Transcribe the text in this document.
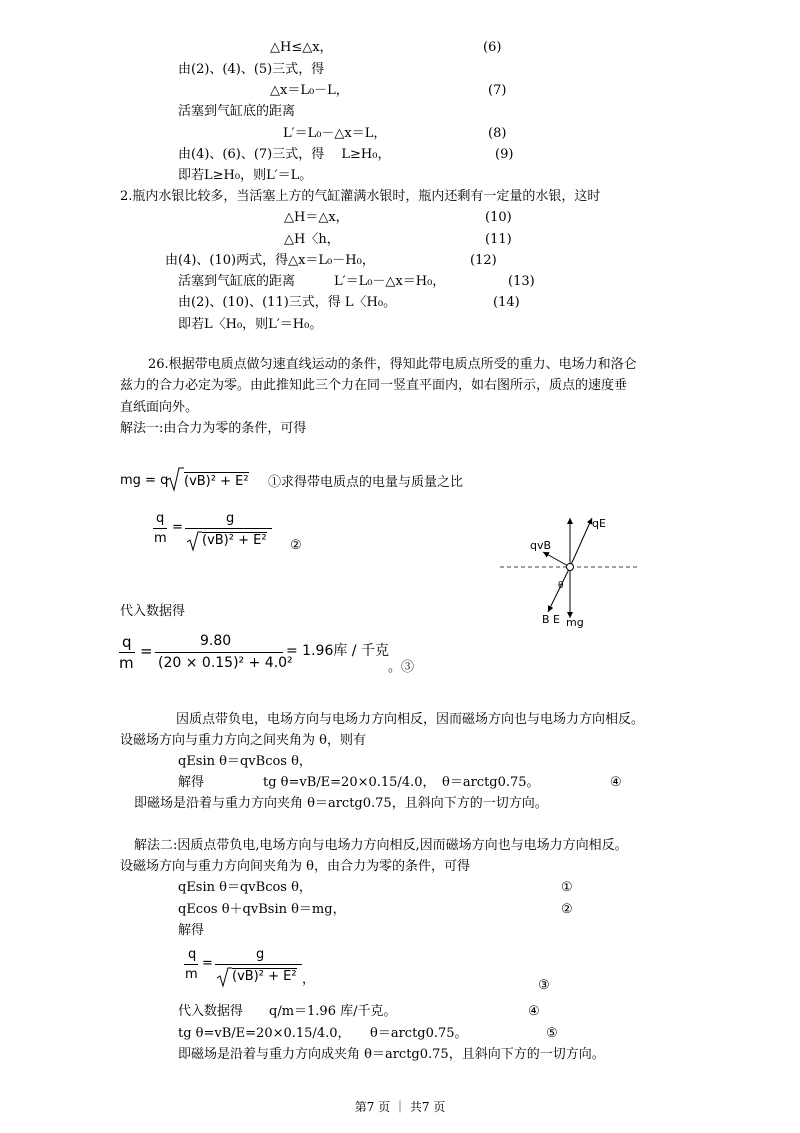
△H≤△x，	(6)
由(2)、(4)、(5)三式，得
△x＝L₀－L，	(7)
活塞到气缸底的距离
L′＝L₀－△x＝L，	(8)
由(4)、(6)、(7)三式，得　 L≥H₀，	(9)
即若L≥H₀，则L′＝L。
2.瓶内水银比较多，当活塞上方的气缸灌满水银时，瓶内还剩有一定量的水银，这时
△H＝△x，	(10)
△H〈h，	(11)
由(4)、(10)两式，得△x＝L₀－H₀，	(12)
活塞到气缸底的距离　　　L′＝L₀－△x＝H₀，	(13)
由(2)、(10)、(11)三式，得 L〈H₀。	(14)
即若L〈H₀，则L′＝H₀。
26.根据带电质点做匀速直线运动的条件，得知此带电质点所受的重力、电场力和洛仑
兹力的合力必定为零。由此推知此三个力在同一竖直平面内，如右图所示，质点的速度垂
直纸面向外。
解法一:由合力为零的条件，可得
mg = q (vB)² + E² ①求得带电质点的电量与质量之比
q
m
=
g
(vB)² + E² ②
qE
qvB
θ
B E mg
代入数据得
q
m
=
9.80
(20 × 0.15)² + 4.0²
= 1.96库 / 千克
。③
因质点带负电，电场方向与电场力方向相反，因而磁场方向也与电场力方向相反。
设磁场方向与重力方向之间夹角为 θ，则有
qEsin θ＝qvBcos θ，
解得	tg θ=vB/E=20×0.15/4.0，　θ＝arctg0.75。	④
即磁场是沿着与重力方向夹角 θ＝arctg0.75，且斜向下方的一切方向。
解法二:因质点带负电,电场方向与电场力方向相反,因而磁场方向也与电场力方向相反。
设磁场方向与重力方向间夹角为 θ，由合力为零的条件，可得
qEsin θ＝qvBcos θ，	①
qEcos θ＋qvBsin θ＝mg，	②
解得
q
m
=
g
(vB)² + E² ，	③
代入数据得　　q/m＝1.96 库/千克。	④
tg θ=vB/E=20×0.15/4.0，　　θ＝arctg0.75。	⑤
即磁场是沿着与重力方向成夹角 θ＝arctg0.75，且斜向下方的一切方向。
第7 页 ｜ 共7 页
